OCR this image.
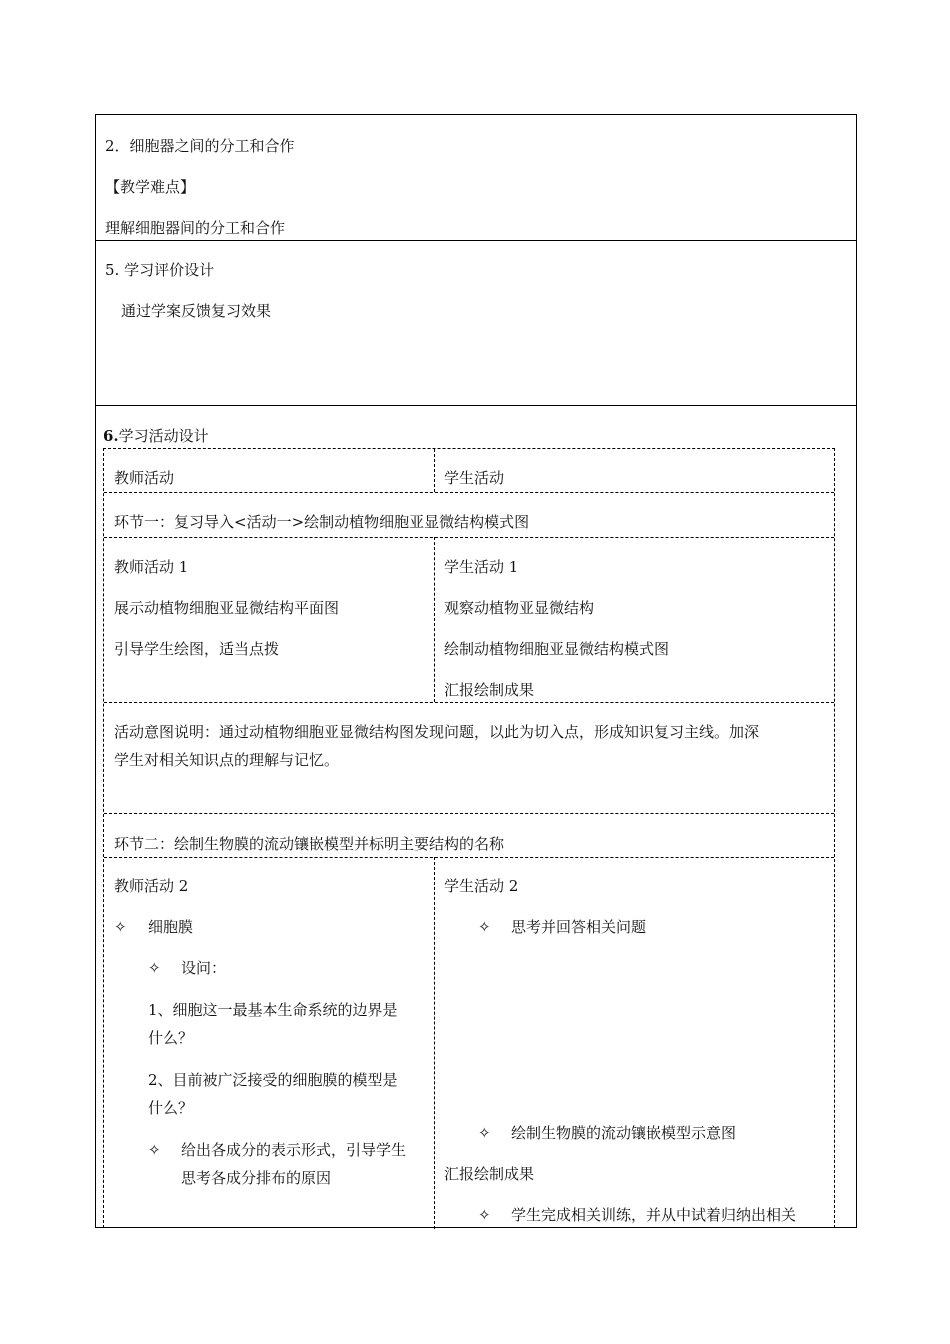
2．细胞器之间的分工和合作
【教学难点】
理解细胞器间的分工和合作
5. 学习评价设计
通过学案反馈复习效果
6.学习活动设计
教师活动	学生活动
环节一：复习导入<活动一>绘制动植物细胞亚显微结构模式图
教师活动 1
展示动植物细胞亚显微结构平面图
引导学生绘图，适当点拨
学生活动 1
观察动植物亚显微结构
绘制动植物细胞亚显微结构模式图
汇报绘制成果
活动意图说明：通过动植物细胞亚显微结构图发现问题，以此为切入点，形成知识复习主线。加深
学生对相关知识点的理解与记忆。
环节二：绘制生物膜的流动镶嵌模型并标明主要结构的名称
教师活动 2
✧ 细胞膜
✧ 设问：
1、细胞这一最基本生命系统的边界是
什么？
2、目前被广泛接受的细胞膜的模型是
什么？
✧ 给出各成分的表示形式，引导学生
思考各成分排布的原因
学生活动 2
✧ 思考并回答相关问题
✧ 绘制生物膜的流动镶嵌模型示意图
汇报绘制成果
✧ 学生完成相关训练，并从中试着归纳出相关
